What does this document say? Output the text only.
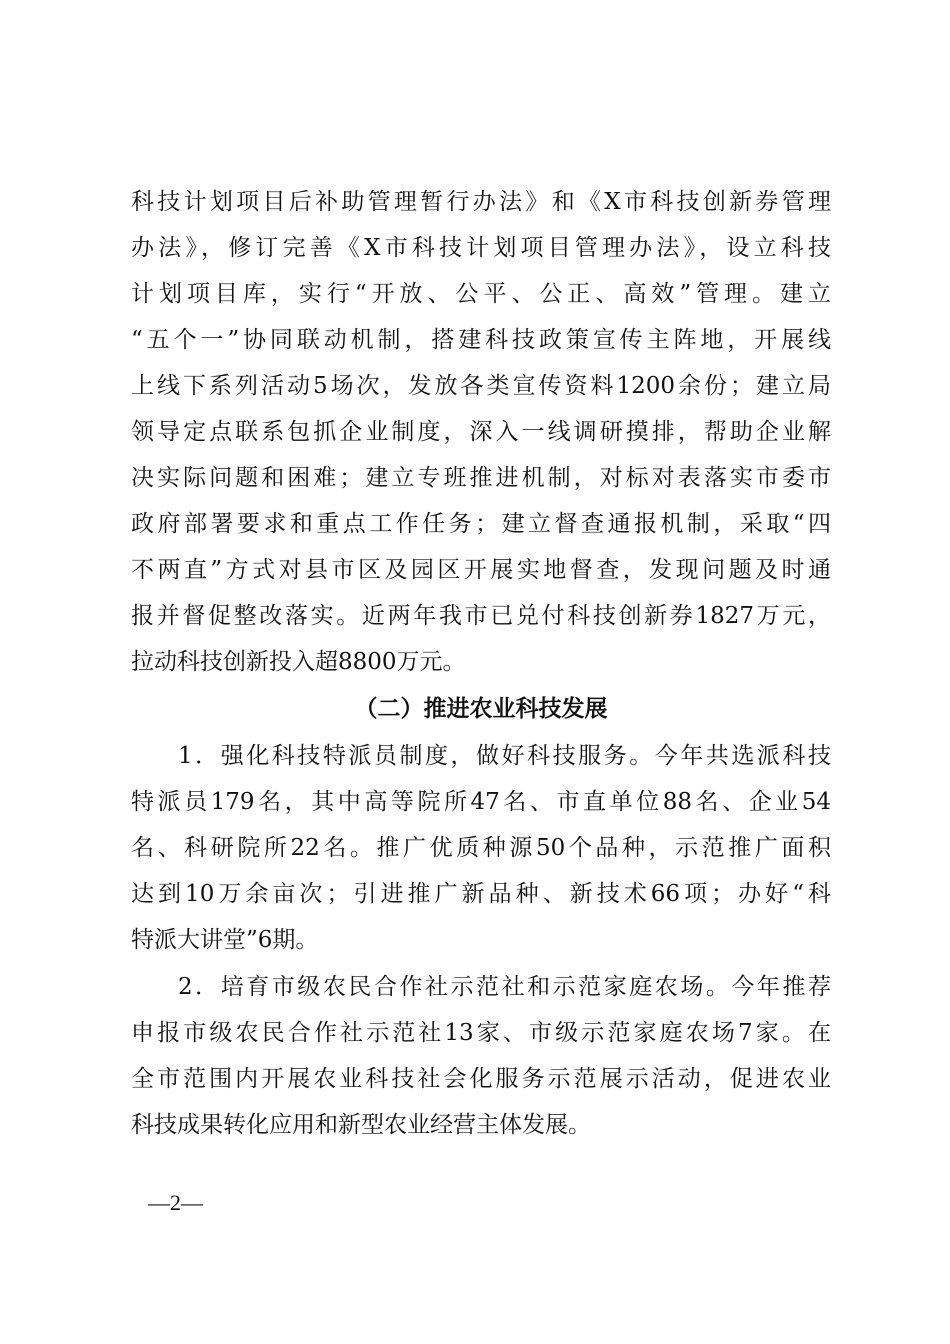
科技计划项目后补助管理暂行办法》和《X市科技创新券管理
办法》，修订完善《X市科技计划项目管理办法》，设立科技
计划项目库，实行“开放、公平、公正、高效”管理。建立
“五个一”协同联动机制，搭建科技政策宣传主阵地，开展线
上线下系列活动5场次，发放各类宣传资料1200余份；建立局
领导定点联系包抓企业制度，深入一线调研摸排，帮助企业解
决实际问题和困难；建立专班推进机制，对标对表落实市委市
政府部署要求和重点工作任务；建立督查通报机制，采取“四
不两直”方式对县市区及园区开展实地督查，发现问题及时通
报并督促整改落实。近两年我市已兑付科技创新券1827万元，
拉动科技创新投入超8800万元。
（二）推进农业科技发展
1．强化科技特派员制度，做好科技服务。今年共选派科技
特派员179名，其中高等院所47名、市直单位88名、企业54
名、科研院所22名。推广优质种源50个品种，示范推广面积
达到10万余亩次；引进推广新品种、新技术66项；办好“科
特派大讲堂”6期。
2．培育市级农民合作社示范社和示范家庭农场。今年推荐
申报市级农民合作社示范社13家、市级示范家庭农场7家。在
全市范围内开展农业科技社会化服务示范展示活动，促进农业
科技成果转化应用和新型农业经营主体发展。
—2—
